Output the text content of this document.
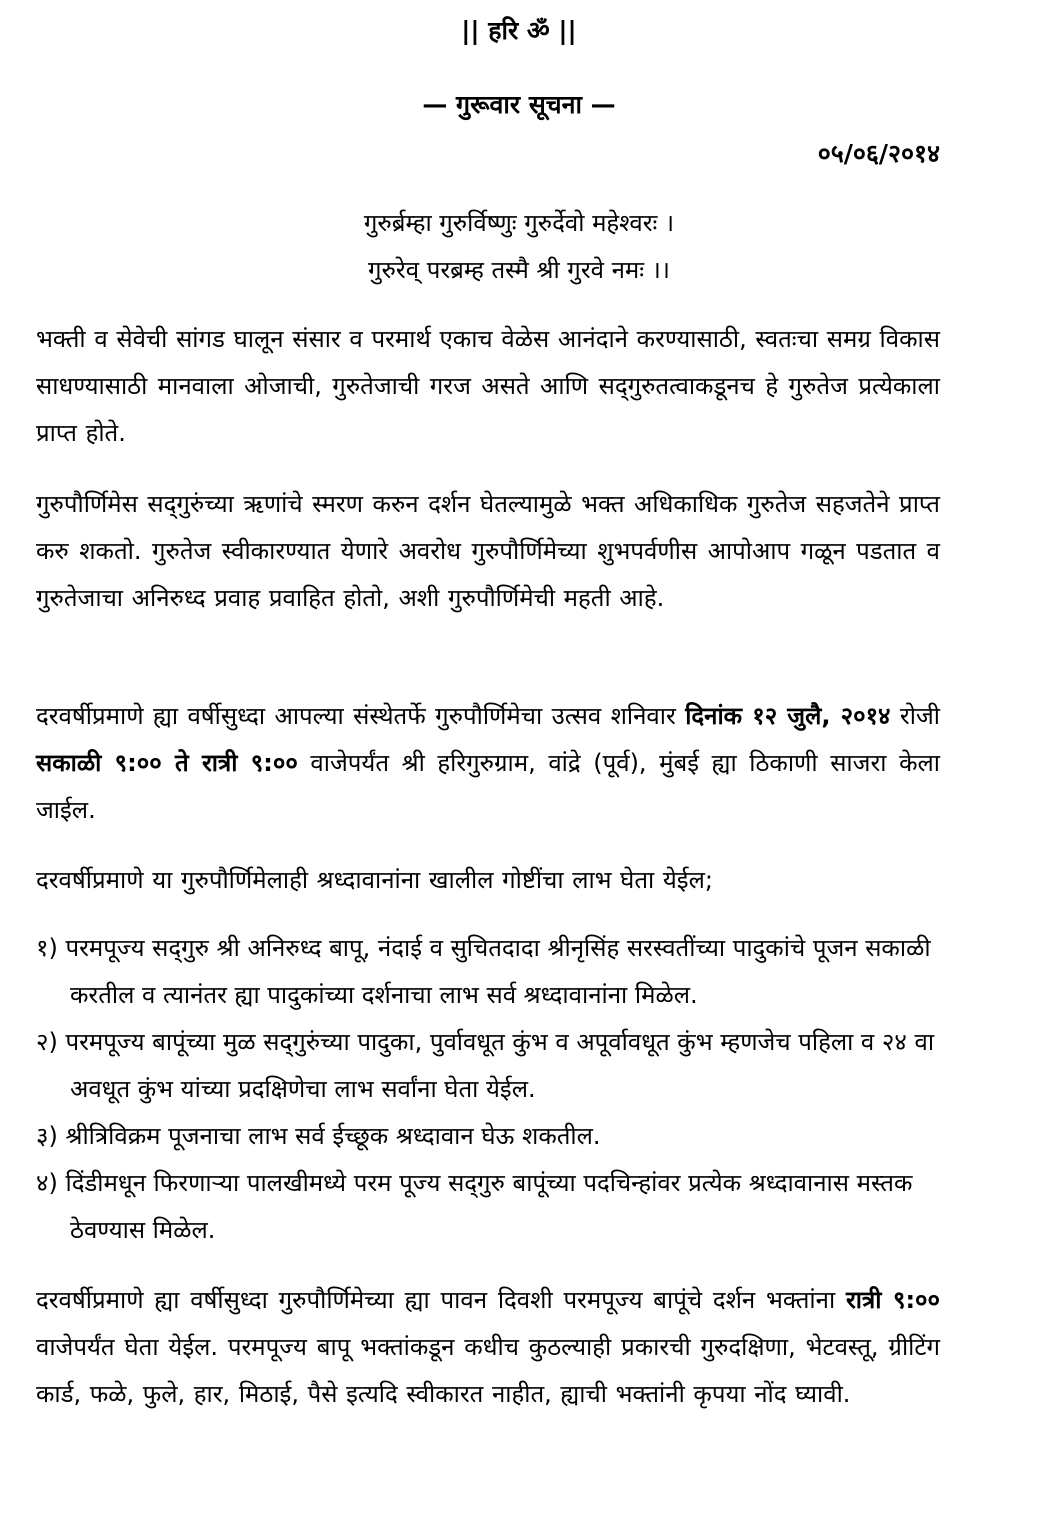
|| हरि ॐ ||
— गुरूवार सूचना —
०५/०६/२०१४
गुरुर्ब्रम्हा गुरुर्विष्णुः गुरुर्देवो महेश्वरः ।
गुरुरेव् परब्रम्ह तस्मै श्री गुरवे नमः ।।
भक्ती व सेवेची सांगड घालून संसार व परमार्थ एकाच वेळेस आनंदाने करण्यासाठी, स्वतःचा समग्र विकास साधण्यासाठी मानवाला ओजाची, गुरुतेजाची गरज असते आणि सद्‌गुरुतत्वाकडूनच हे गुरुतेज प्रत्येकाला प्राप्त होते.
गुरुपौर्णिमेस सद्‌गुरुंच्या ऋणांचे स्मरण करुन दर्शन घेतल्यामुळे भक्त अधिकाधिक गुरुतेज सहजतेने प्राप्त करु शकतो. गुरुतेज स्वीकारण्यात येणारे अवरोध गुरुपौर्णिमेच्या शुभपर्वणीस आपोआप गळून पडतात व गुरुतेजाचा अनिरुध्द प्रवाह प्रवाहित होतो, अशी गुरुपौर्णिमेची महती आहे.
दरवर्षीप्रमाणे ह्या वर्षीसुध्दा आपल्या संस्थेतर्फे गुरुपौर्णिमेचा उत्सव शनिवार दिनांक १२ जुलै, २०१४ रोजी सकाळी ९:०० ते रात्री ९:०० वाजेपर्यंत श्री हरिगुरुग्राम, वांद्रे (पूर्व), मुंबई ह्या ठिकाणी साजरा केला जाईल.
दरवर्षीप्रमाणे या गुरुपौर्णिमेलाही श्रध्दावानांना खालील गोष्टींचा लाभ घेता येईल;
१) परमपूज्य सद्‌गुरु श्री अनिरुध्द बापू, नंदाई व सुचितदादा श्रीनृसिंह सरस्वतींच्या पादुकांचे पूजन सकाळी करतील व त्यानंतर ह्या पादुकांच्या दर्शनाचा लाभ सर्व श्रध्दावानांना मिळेल.
२) परमपूज्य बापूंच्या मुळ सद्‌गुरुंच्या पादुका, पुर्वावधूत कुंभ व अपूर्वावधूत कुंभ म्हणजेच पहिला व २४ वा अवधूत कुंभ यांच्या प्रदक्षिणेचा लाभ सर्वांना घेता येईल.
३) श्रीत्रिविक्रम पूजनाचा लाभ सर्व ईच्छूक श्रध्दावान घेऊ शकतील.
४) दिंडीमधून फिरणाऱ्या पालखीमध्ये परम पूज्य सद्‌गुरु बापूंच्या पदचिन्हांवर प्रत्येक श्रध्दावानास मस्तक ठेवण्यास मिळेल.
दरवर्षीप्रमाणे ह्या वर्षीसुध्दा गुरुपौर्णिमेच्या ह्या पावन दिवशी परमपूज्य बापूंचे दर्शन भक्तांना रात्री ९:०० वाजेपर्यंत घेता येईल. परमपूज्य बापू भक्तांकडून कधीच कुठल्याही प्रकारची गुरुदक्षिणा, भेटवस्तू, ग्रीटिंग कार्ड, फळे, फुले, हार, मिठाई, पैसे इत्यदि स्वीकारत नाहीत, ह्याची भक्तांनी कृपया नोंद घ्यावी.
